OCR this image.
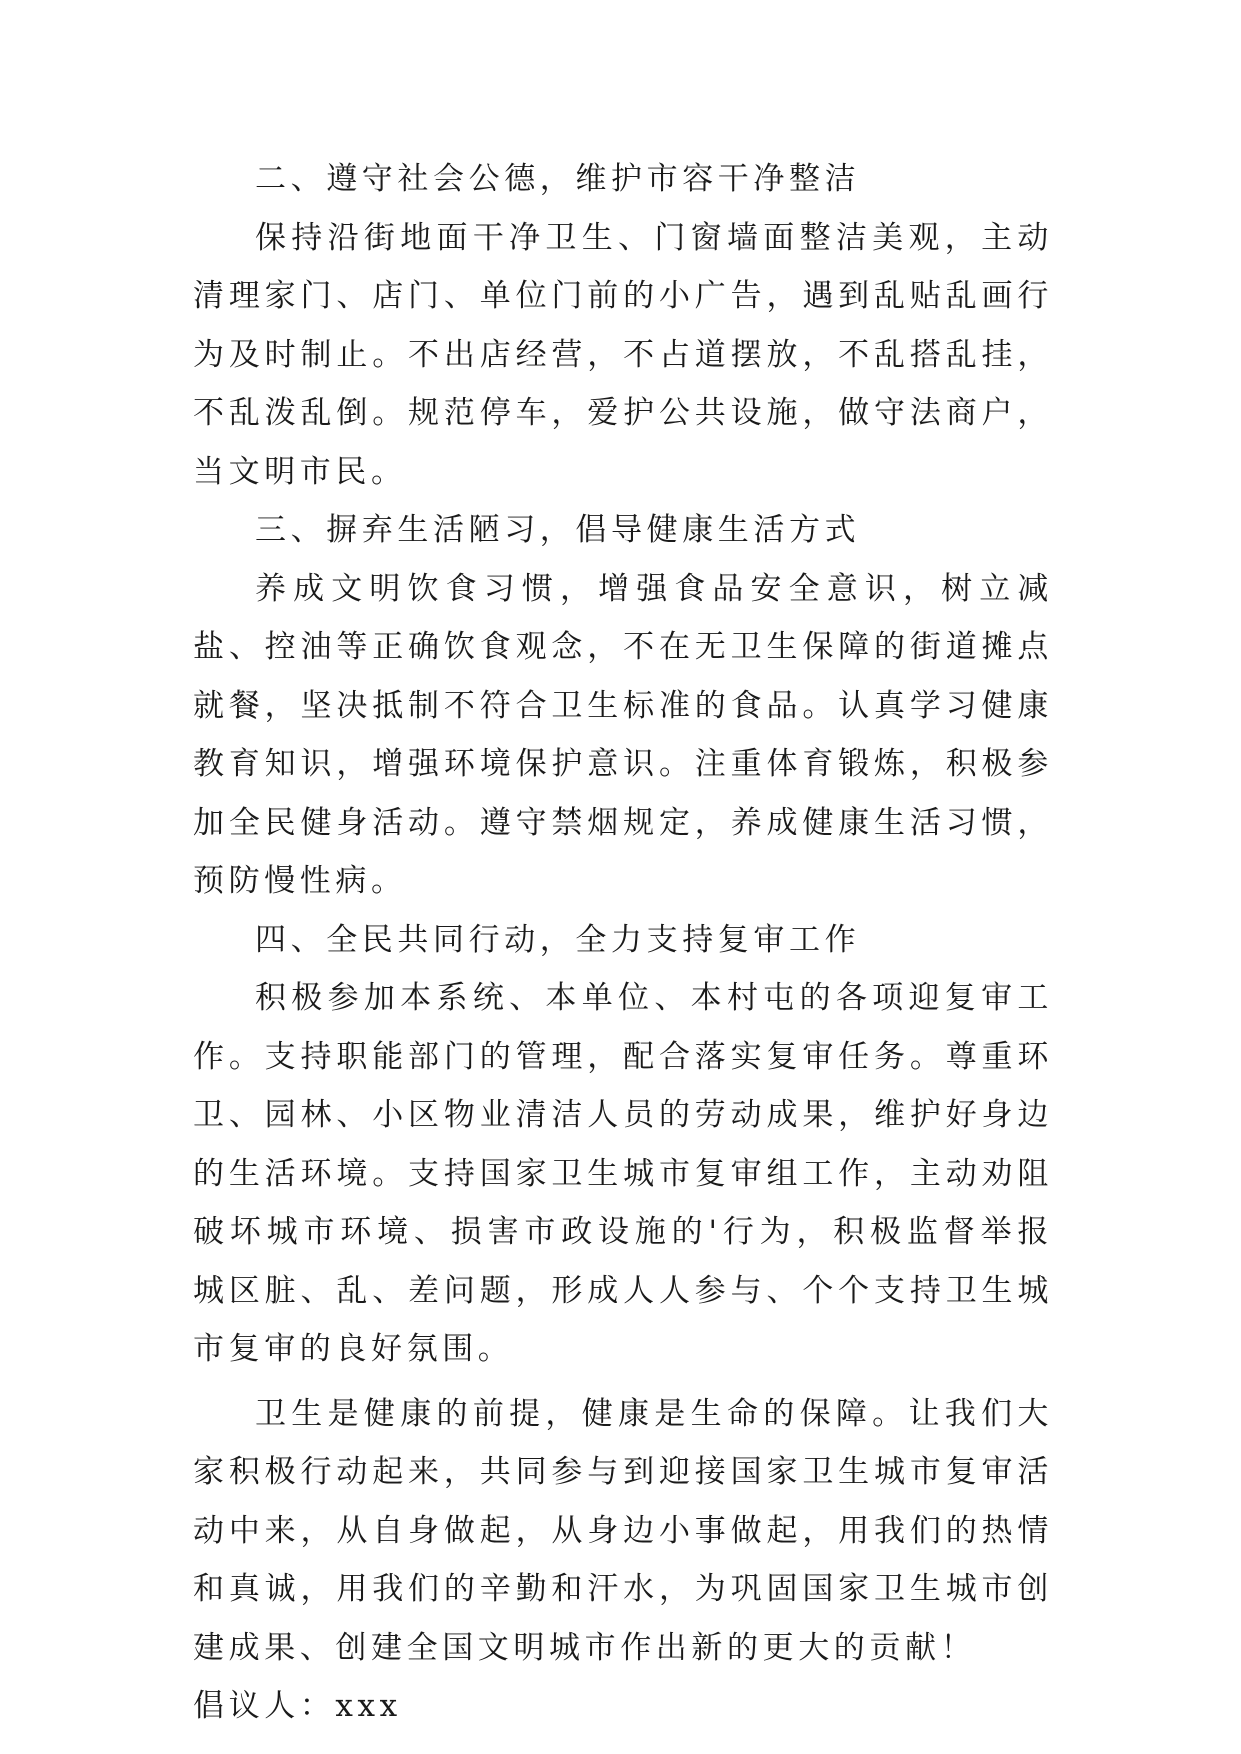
二、遵守社会公德，维护市容干净整洁

保持沿街地面干净卫生、门窗墙面整洁美观，主动清理家门、店门、单位门前的小广告，遇到乱贴乱画行为及时制止。不出店经营，不占道摆放，不乱搭乱挂，不乱泼乱倒。规范停车，爱护公共设施，做守法商户，当文明市民。

三、摒弃生活陋习，倡导健康生活方式

养成文明饮食习惯，增强食品安全意识，树立减盐、控油等正确饮食观念，不在无卫生保障的街道摊点就餐，坚决抵制不符合卫生标准的食品。认真学习健康教育知识，增强环境保护意识。注重体育锻炼，积极参加全民健身活动。遵守禁烟规定，养成健康生活习惯，预防慢性病。

四、全民共同行动，全力支持复审工作

积极参加本系统、本单位、本村屯的各项迎复审工作。支持职能部门的管理，配合落实复审任务。尊重环卫、园林、小区物业清洁人员的劳动成果，维护好身边的生活环境。支持国家卫生城市复审组工作，主动劝阻破坏城市环境、损害市政设施的'行为，积极监督举报城区脏、乱、差问题，形成人人参与、个个支持卫生城市复审的良好氛围。

卫生是健康的前提，健康是生命的保障。让我们大家积极行动起来，共同参与到迎接国家卫生城市复审活动中来，从自身做起，从身边小事做起，用我们的热情和真诚，用我们的辛勤和汗水，为巩固国家卫生城市创建成果、创建全国文明城市作出新的更大的贡献！

倡议人：xxx
